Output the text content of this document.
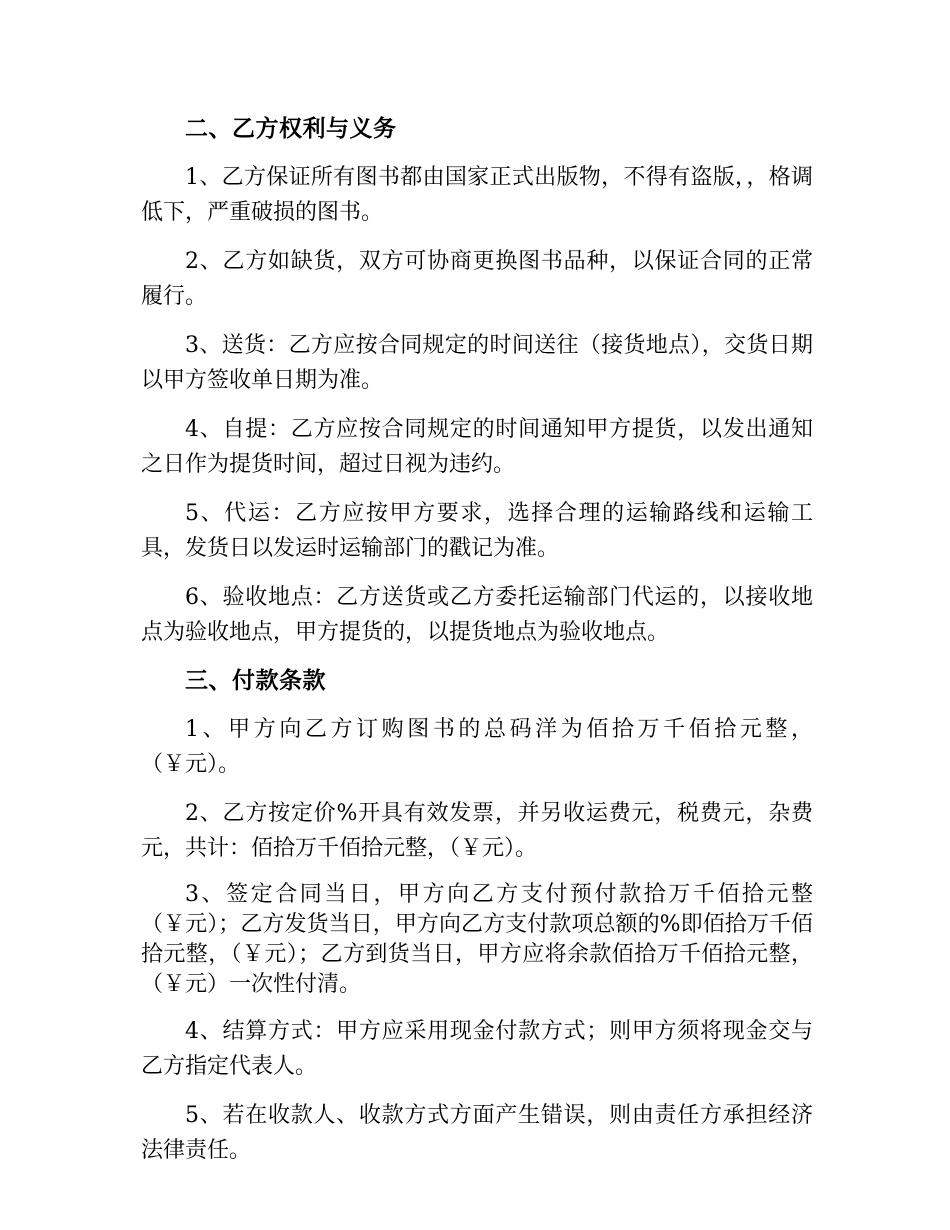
二、乙方权利与义务

1、乙方保证所有图书都由国家正式出版物，不得有盗版，，格调低下，严重破损的图书。

2、乙方如缺货，双方可协商更换图书品种，以保证合同的正常履行。

3、送货：乙方应按合同规定的时间送往（接货地点），交货日期以甲方签收单日期为准。

4、自提：乙方应按合同规定的时间通知甲方提货，以发出通知之日作为提货时间，超过日视为违约。

5、代运：乙方应按甲方要求，选择合理的运输路线和运输工具，发货日以发运时运输部门的戳记为准。

6、验收地点：乙方送货或乙方委托运输部门代运的，以接收地点为验收地点，甲方提货的，以提货地点为验收地点。

三、付款条款

1、甲方向乙方订购图书的总码洋为佰拾万千佰拾元整，（￥元）。

2、乙方按定价%开具有效发票，并另收运费元，税费元，杂费元，共计：佰拾万千佰拾元整，（￥元）。

3、签定合同当日，甲方向乙方支付预付款拾万千佰拾元整（￥元）；乙方发货当日，甲方向乙方支付款项总额的%即佰拾万千佰拾元整，（￥元）；乙方到货当日，甲方应将余款佰拾万千佰拾元整，（￥元）一次性付清。

4、结算方式：甲方应采用现金付款方式；则甲方须将现金交与乙方指定代表人。

5、若在收款人、收款方式方面产生错误，则由责任方承担经济法律责任。
